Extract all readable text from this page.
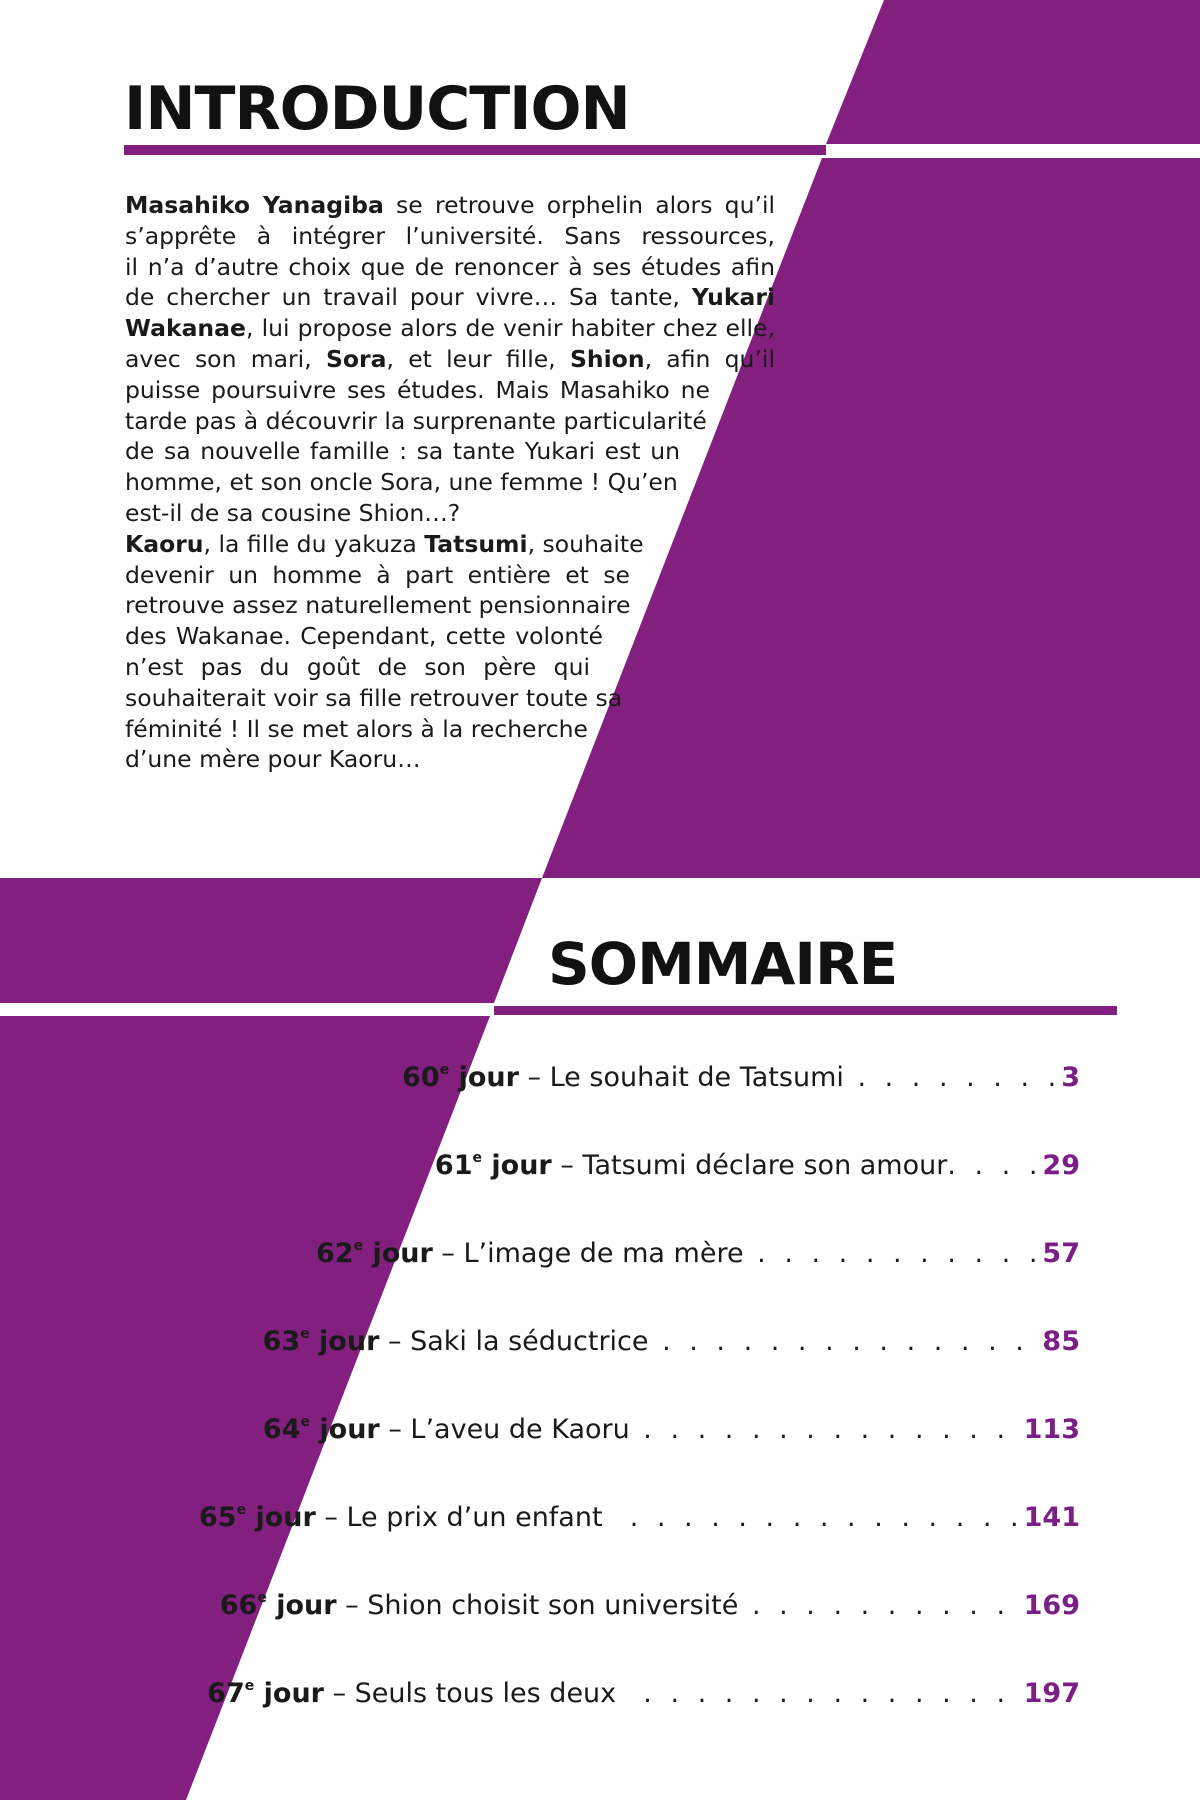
INTRODUCTION
Masahiko Yanagiba se retrouve orphelin alors qu’il
s’apprête à intégrer l’université. Sans ressources,
il n’a d’autre choix que de renoncer à ses études afin
de chercher un travail pour vivre… Sa tante, Yukari
Wakanae, lui propose alors de venir habiter chez elle,
avec son mari, Sora, et leur fille, Shion, afin qu’il
puisse poursuivre ses études. Mais Masahiko ne
tarde pas à découvrir la surprenante particularité
de sa nouvelle famille : sa tante Yukari est un
homme, et son oncle Sora, une femme ! Qu’en
est-il de sa cousine Shion…?
Kaoru, la fille du yakuza Tatsumi, souhaite
devenir un homme à part entière et se
retrouve assez naturellement pensionnaire
des Wakanae. Cependant, cette volonté
n’est pas du goût de son père qui
souhaiterait voir sa fille retrouver toute sa
féminité ! Il se met alors à la recherche
d’une mère pour Kaoru…
SOMMAIRE
60e jour – Le souhait de Tatsumi . . . . . . . .3
61e jour – Tatsumi déclare son amour. . . .29
62e jour – L’image de ma mère . . . . . . . . . . .57
63e jour – Saki la séductrice . . . . . . . . . . . . . . 85
64e jour – L’aveu de Kaoru . . . . . . . . . . . . . . 113
65e jour – Le prix d’un enfant  . . . . . . . . . . . . . . .141
66e jour – Shion choisit son université . . . . . . . . . . 169
67e jour – Seuls tous les deux  . . . . . . . . . . . . . . 197
